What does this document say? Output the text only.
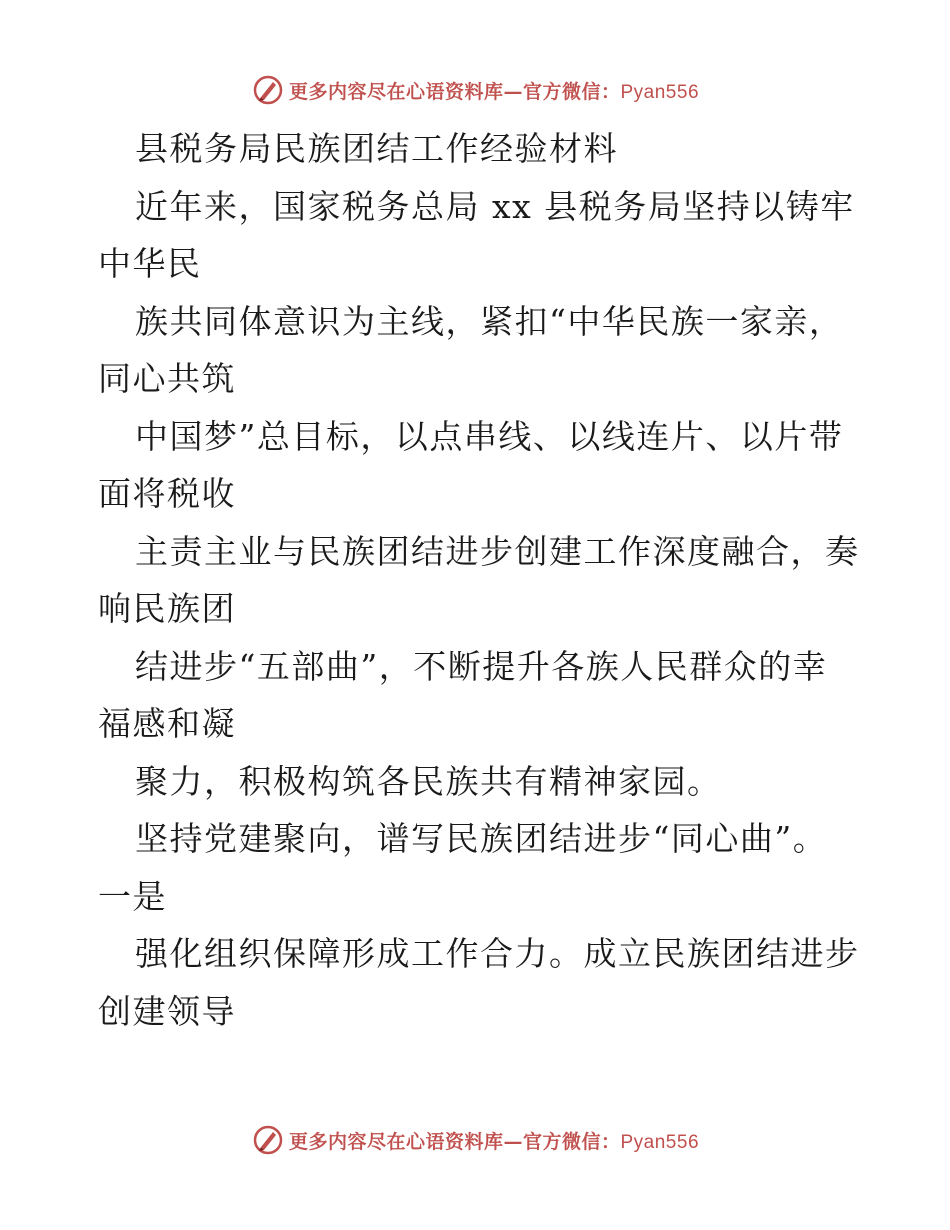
更多内容尽在心语资料库—官方微信：Pyan556
县税务局民族团结工作经验材料
近年来，国家税务总局 xx 县税务局坚持以铸牢
中华民
族共同体意识为主线，紧扣“中华民族一家亲，
同心共筑
中国梦”总目标，以点串线、以线连片、以片带
面将税收
主责主业与民族团结进步创建工作深度融合，奏
响民族团
结进步“五部曲”，不断提升各族人民群众的幸
福感和凝
聚力，积极构筑各民族共有精神家园。
坚持党建聚向，谱写民族团结进步“同心曲”。
一是
强化组织保障形成工作合力。成立民族团结进步
创建领导
更多内容尽在心语资料库—官方微信：Pyan556
